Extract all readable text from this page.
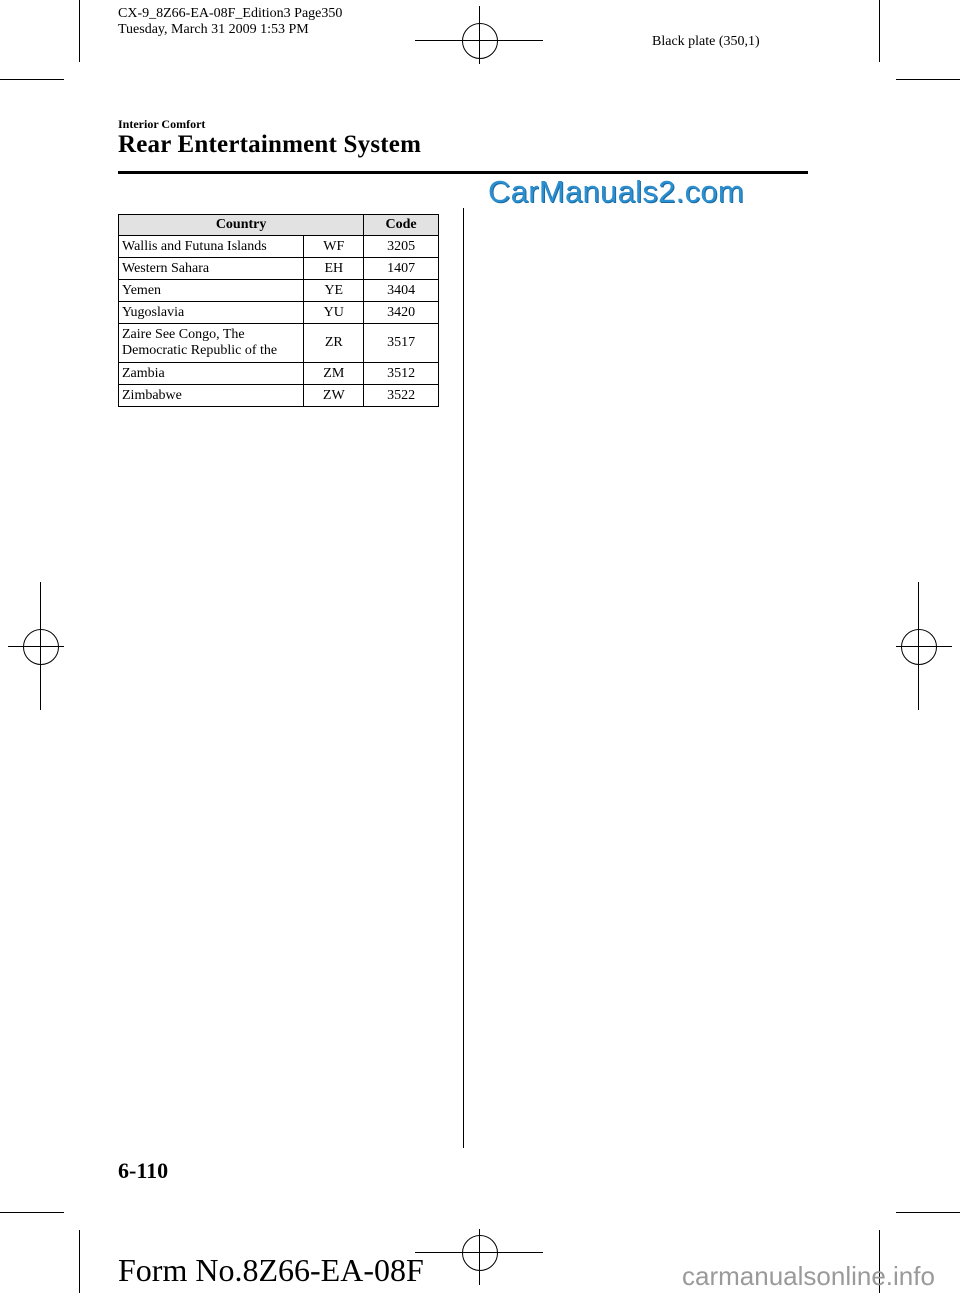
CX-9_8Z66-EA-08F_Edition3 Page350
Tuesday, March 31 2009 1:53 PM
Black plate (350,1)
Interior Comfort
Rear Entertainment System
CarManuals2.com
Country		Code
Wallis and Futuna Islands	WF	3205
Western Sahara	EH	1407
Yemen	YE	3404
Yugoslavia	YU	3420

Zaire See Congo, The
Democratic Republic of the	ZR	3517
Zambia	ZM	3512
Zimbabwe	ZW	3522
6-110
Form No.8Z66-EA-08F	carmanualsonline.info
